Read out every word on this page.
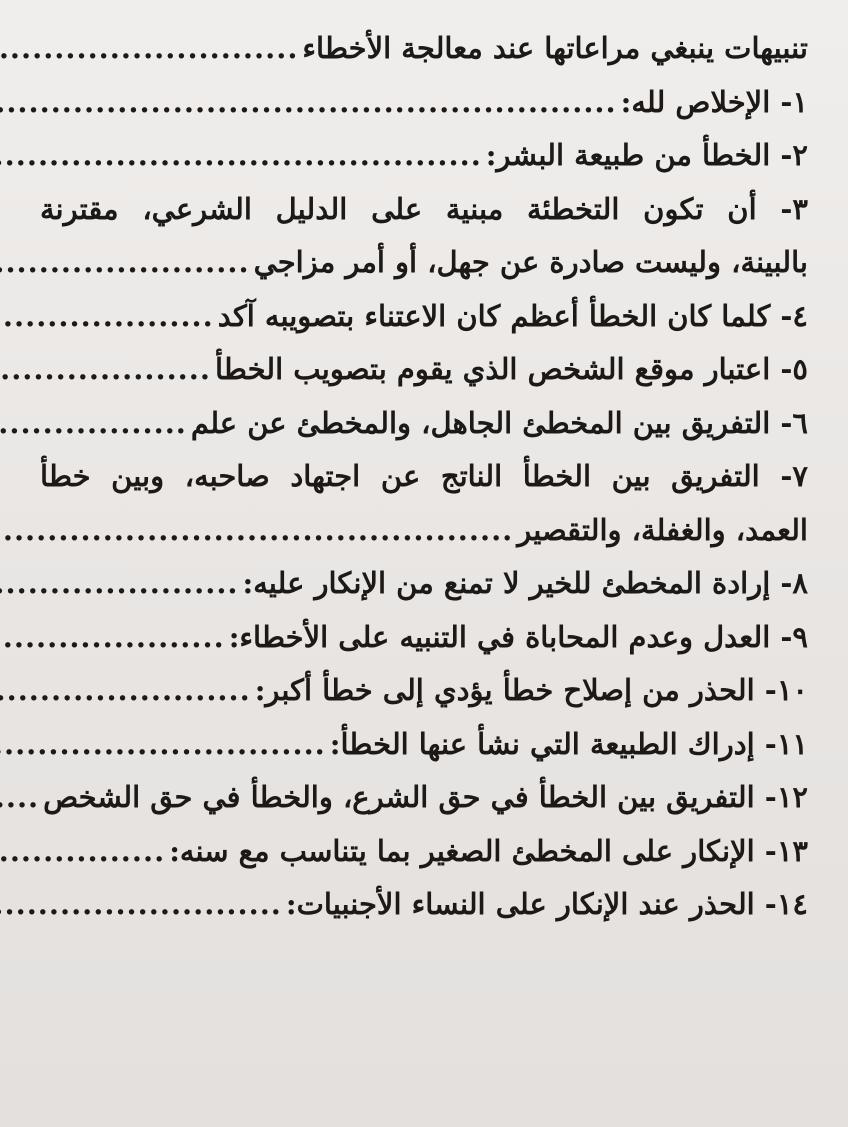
تنبيهات ينبغي مراعاتها عند معالجة الأخطاء
.....
١- الإخلاص لله:
.....
٢- الخطأ من طبيعة البشر:
.....
٣- أن تكون التخطئة مبنية على الدليل الشرعي، مقترنة
بالبينة، وليست صادرة عن جهل، أو أمر مزاجي
.....
٤- كلما كان الخطأ أعظم كان الاعتناء بتصويبه آكد
.....
٥- اعتبار موقع الشخص الذي يقوم بتصويب الخطأ
.....
٦- التفريق بين المخطئ الجاهل، والمخطئ عن علم
.....
٧- التفريق بين الخطأ الناتج عن اجتهاد صاحبه، وبين خطأ
العمد، والغفلة، والتقصير
.....
٨- إرادة المخطئ للخير لا تمنع من الإنكار عليه:
.....
٩- العدل وعدم المحاباة في التنبيه على الأخطاء:
.....
١٠- الحذر من إصلاح خطأ يؤدي إلى خطأ أكبر:
.....
١١- إدراك الطبيعة التي نشأ عنها الخطأ:
.....
١٢- التفريق بين الخطأ في حق الشرع، والخطأ في حق الشخص
.....
١٣- الإنكار على المخطئ الصغير بما يتناسب مع سنه:
.....
١٤- الحذر عند الإنكار على النساء الأجنبيات:
.....
